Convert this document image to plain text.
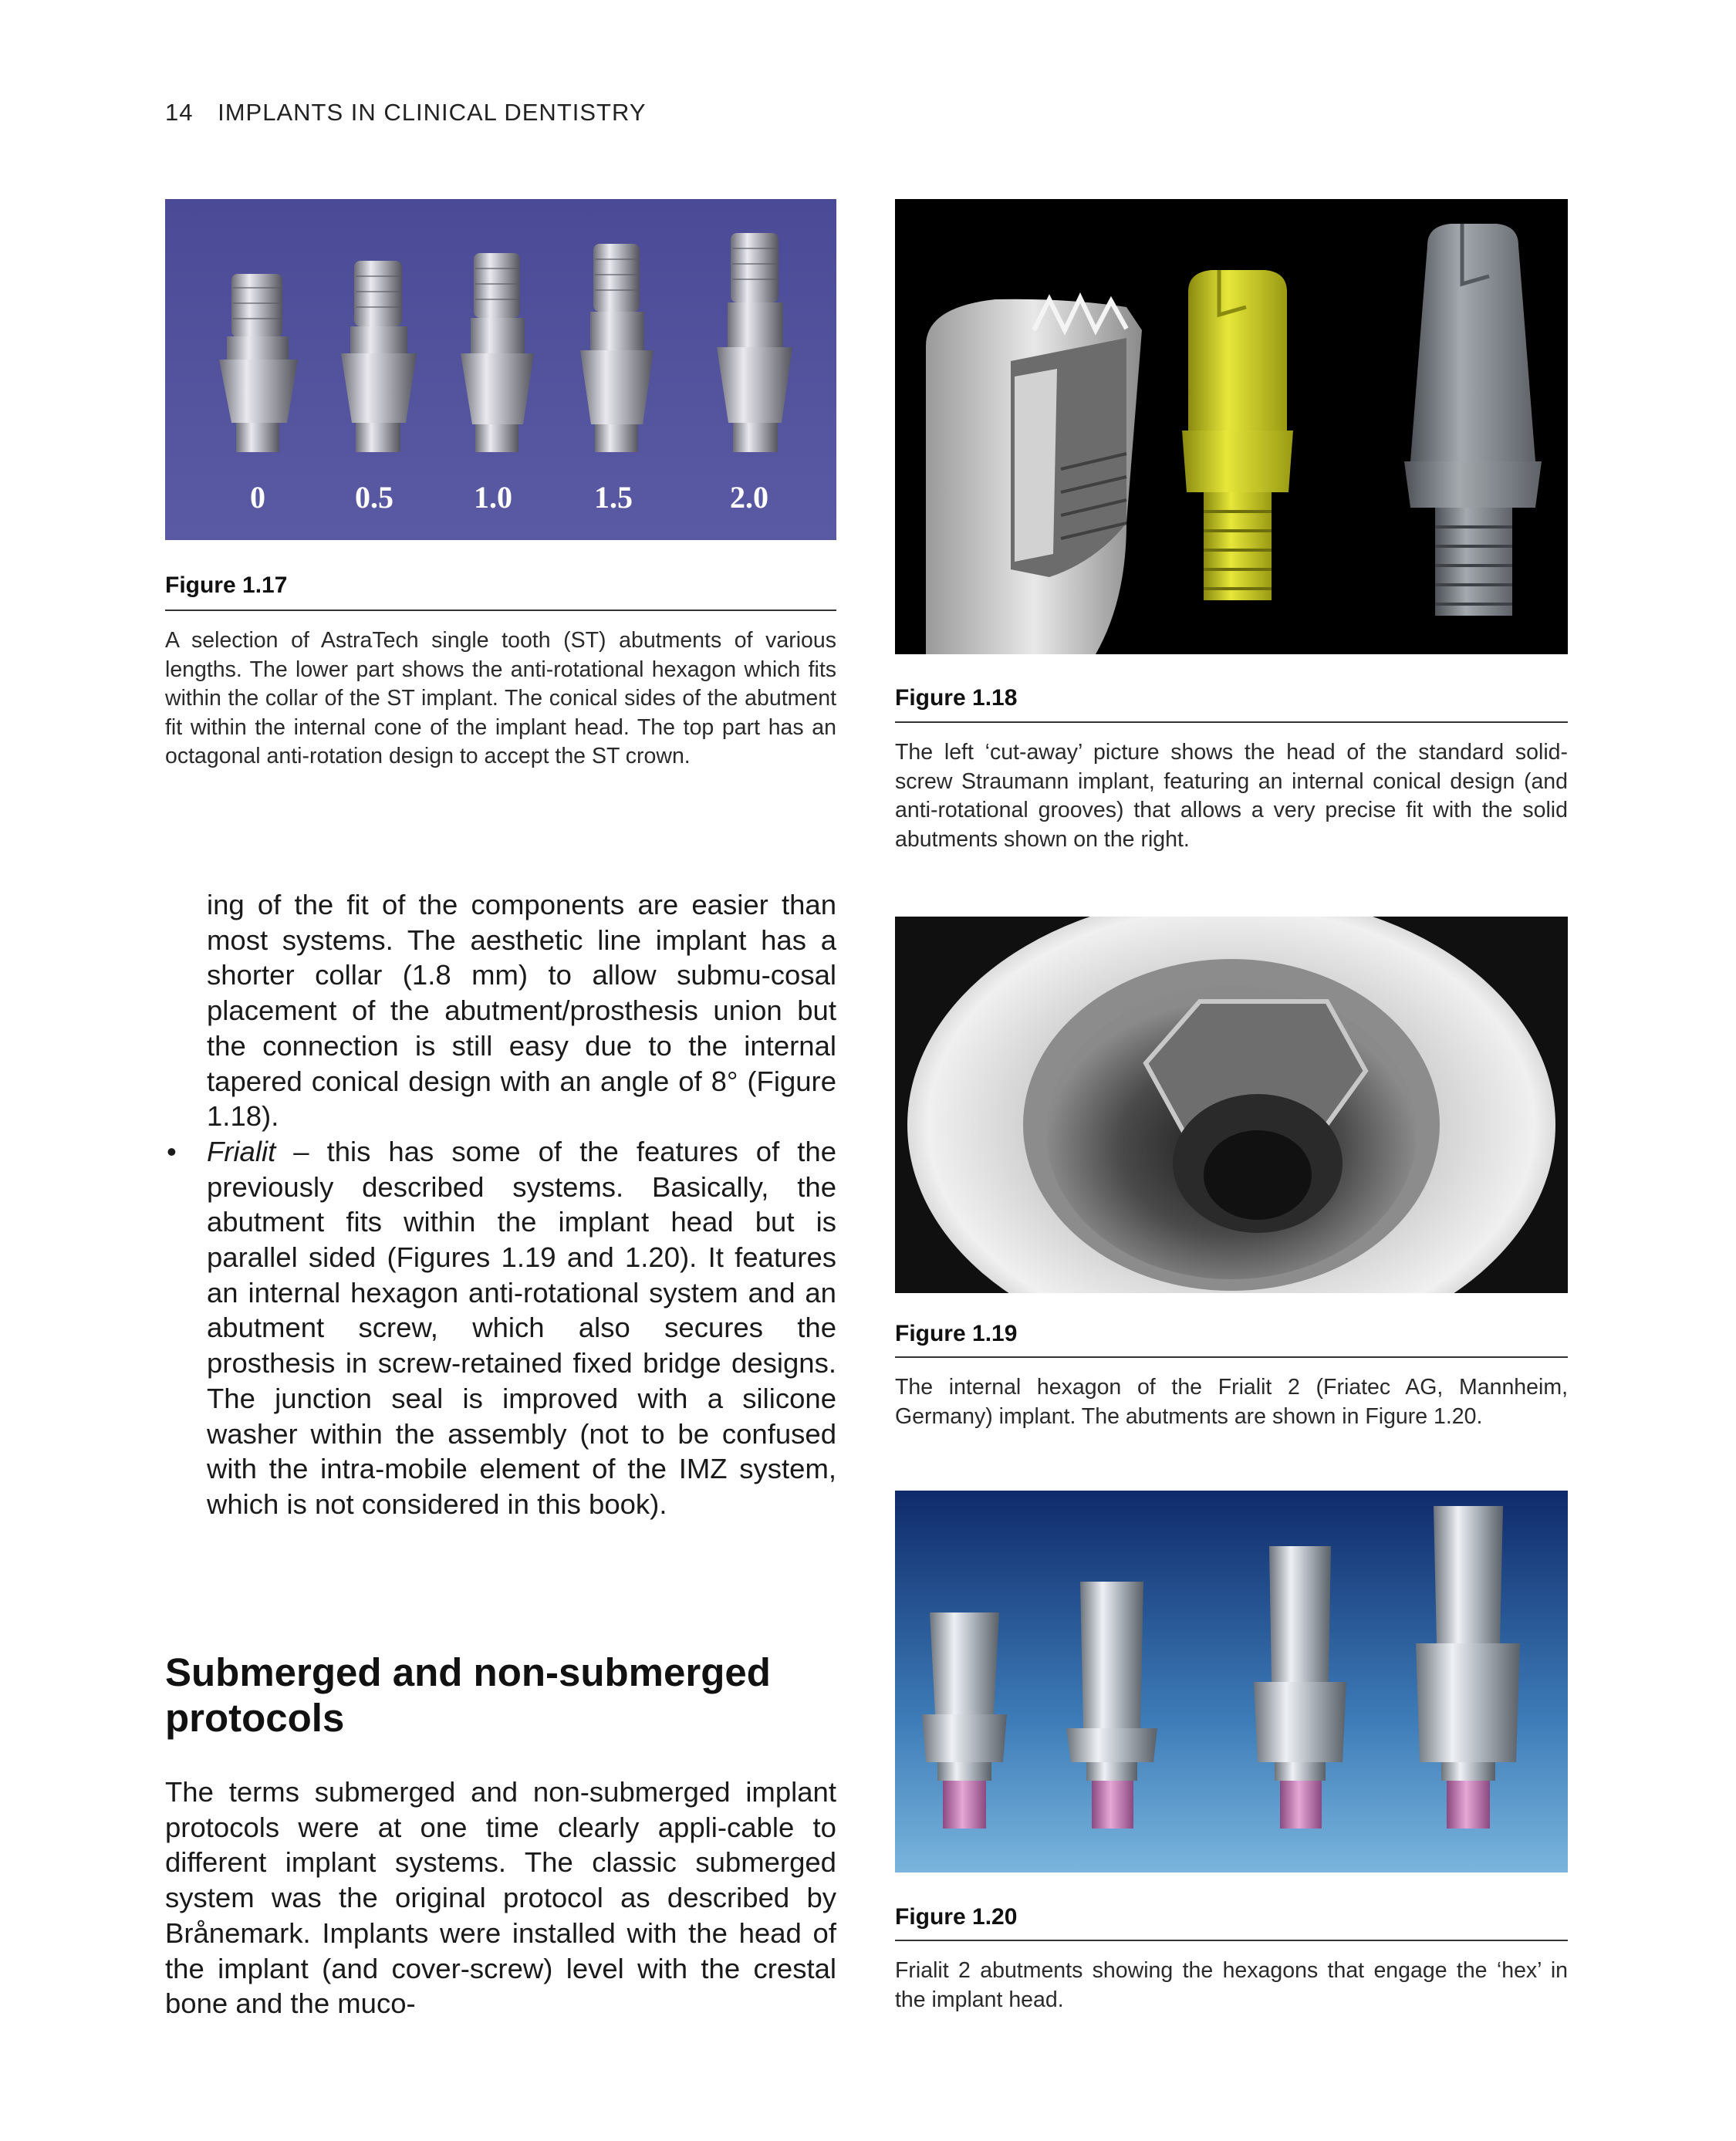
14 IMPLANTS IN CLINICAL DENTISTRY
0	0.5	1.0	1.5	2.0
Figure 1.17
A selection of AstraTech single tooth (ST) abutments of various lengths. The lower part shows the anti-rotational hexagon which fits within the collar of the ST implant. The conical sides of the abutment fit within the internal cone of the implant head. The top part has an octagonal anti-rotation design to accept the ST crown.
Figure 1.18
The left ‘cut-away’ picture shows the head of the standard solid-screw Straumann implant, featuring an internal conical design (and anti-rotational grooves) that allows a very precise fit with the solid abutments shown on the right.
Figure 1.19
The internal hexagon of the Frialit 2 (Friatec AG, Mannheim, Germany) implant. The abutments are shown in Figure 1.20.
Figure 1.20
Frialit 2 abutments showing the hexagons that engage the ‘hex’ in the implant head.

ing of the fit of the components are easier than most systems. The aesthetic line implant has a shorter collar (1.8 mm) to allow submu-cosal placement of the abutment/prosthesis union but the connection is still easy due to the internal tapered conical design with an angle of 8° (Figure 1.18).

• Frialit – this has some of the features of the previously described systems. Basically, the abutment fits within the implant head but is parallel sided (Figures 1.19 and 1.20). It features an internal hexagon anti-rotational system and an abutment screw, which also secures the prosthesis in screw-retained fixed bridge designs. The junction seal is improved with a silicone washer within the assembly (not to be confused with the intra-mobile element of the IMZ system, which is not considered in this book).

Submerged and non-submerged
protocols
The terms submerged and non-submerged implant protocols were at one time clearly appli-cable to different implant systems. The classic submerged system was the original protocol as described by Brånemark. Implants were installed with the head of the implant (and cover-screw) level with the crestal bone and the muco-
